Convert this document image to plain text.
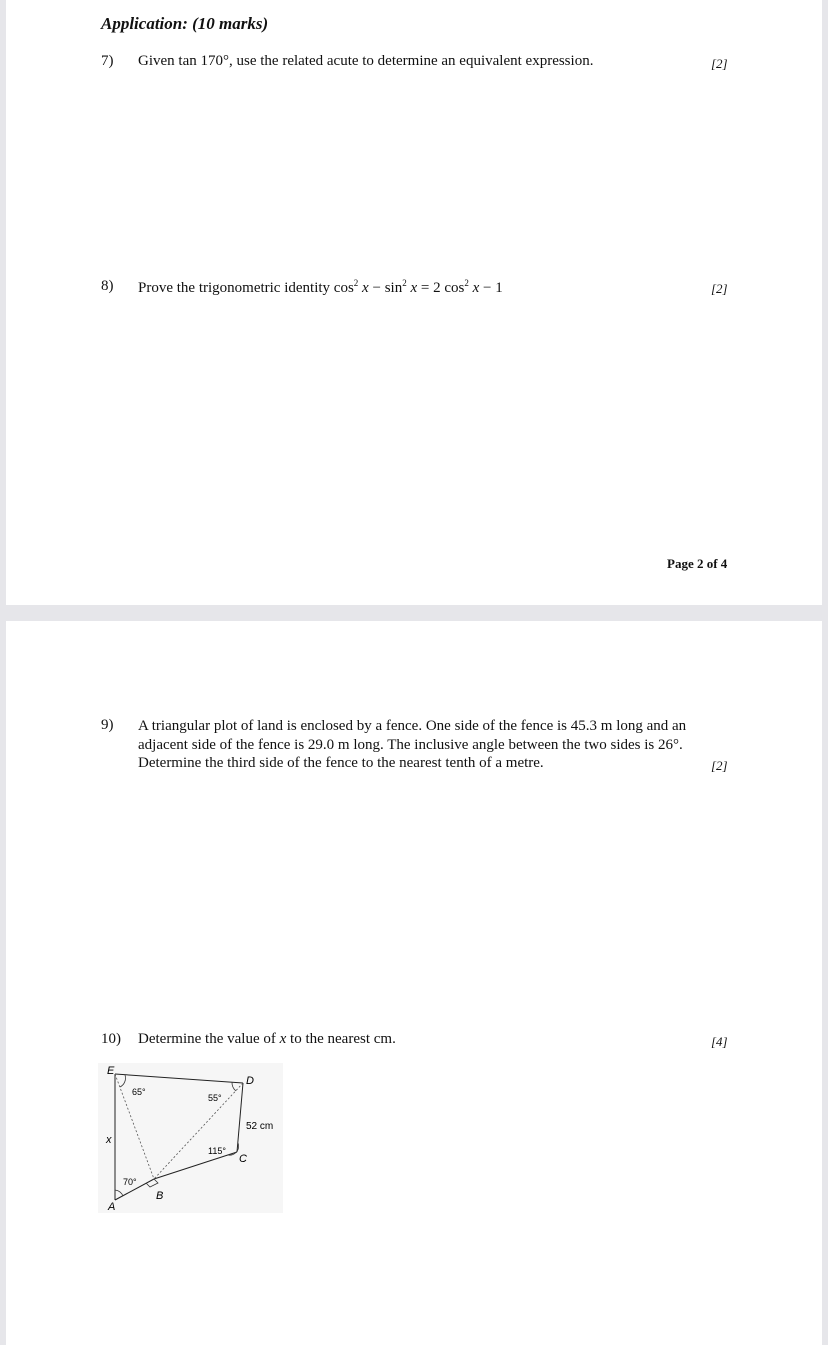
Application: (10 marks)
7) Given tan 170°, use the related acute to determine an equivalent expression.	[2]
8) Prove the trigonometric identity $\cos^2 x - \sin^2 x = 2$ $\cos^2 x - 1$	[2]
Page 2 of 4
9) A triangular plot of land is enclosed by a fence. One side of the fence is 45.3 m long and an adjacent side of the fence is 29.0 m long. The inclusive angle between the two sides is 26°. Determine the third side of the fence to the nearest tenth of a metre.	[2]
10) Determine the value of x to the nearest cm.	[4]
E
D
C
B
A
x
65°
55°
115°
70°
52 cm
